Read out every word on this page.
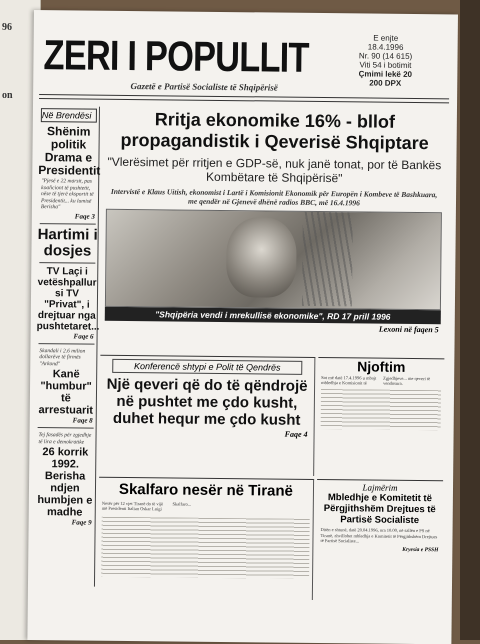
96
on
ZERI I POPULLIT	E enjte
18.4.1996
Nr. 90 (14 615)
Viti 54 i botimit
Çmimi lekë 20
200 DPX
Gazetë e Partisë Socialiste të Shqipërisë
Në Brendësi
Shënim politik Drama e Presidentit
"Pjesë e 22 marsit, pas koaliciont të pushtetit, nëse të tjerë eksportit të Presidentit... ku lumisë Berisha"
Faqe 3
Hartimi i dosjes
TV Laçi i vetëshpallur si TV "Privat", i drejtuar nga pushtetaret...
Faqe 6
Skandali i 2.6 milion dollarëve të firmës "Arkond"
Kanë "humbur" të arrestuarit
Faqe 8
Tej fasadës për zgjedhje të lira e demokratike
26 korrik 1992. Berisha ndjen humbjen e madhe
Faqe 9
Rritja ekonomike 16% - bllof propagandistik i Qeverisë Shqiptare
"Vlerësimet për rritjen e GDP-së, nuk janë tonat, por të Bankës Kombëtare të Shqipërisë"
Intervistë e Klaus Uitish, ekonomist i Lartë i Komisionit Ekonomik për Europën i Kombeve të Bashkuara, me qendër në Gjenevë dhënë radios BBC, më 16.4.1996
"Shqipëria vendi i mrekullisë ekonomike", RD 17 prill 1996
Lexoni në faqen 5
Konferencë shtypi e Polit të Qendrës
Një qeveri që do të qëndrojë në pushtet me çdo kusht, duhet hequr me çdo kusht
Faqe 4
Njoftim
Sot më datë 17.4.1996 u mbajt mbledhja e Komisionit të Zgjedhjeve... me qeveri të vendosura.
Skalfaro nesër në Tiranë
Nesër për 12 vjet Tiranë do të vijë më Presidenti Italian Oskar Luigi Skalfaro...
Lajmërim
Mbledhje e Komitetit të Përgjithshëm Drejtues të Partisë Socialiste
Ditën e shtunë, datë 20.04.1996, ora 10.00, në sallën e PS në Tiranë, zhvillohet mbledhja e Komitetit të Përgjithshëm Drejtues të Partisë Socialiste...
Kryesia e PSSH
